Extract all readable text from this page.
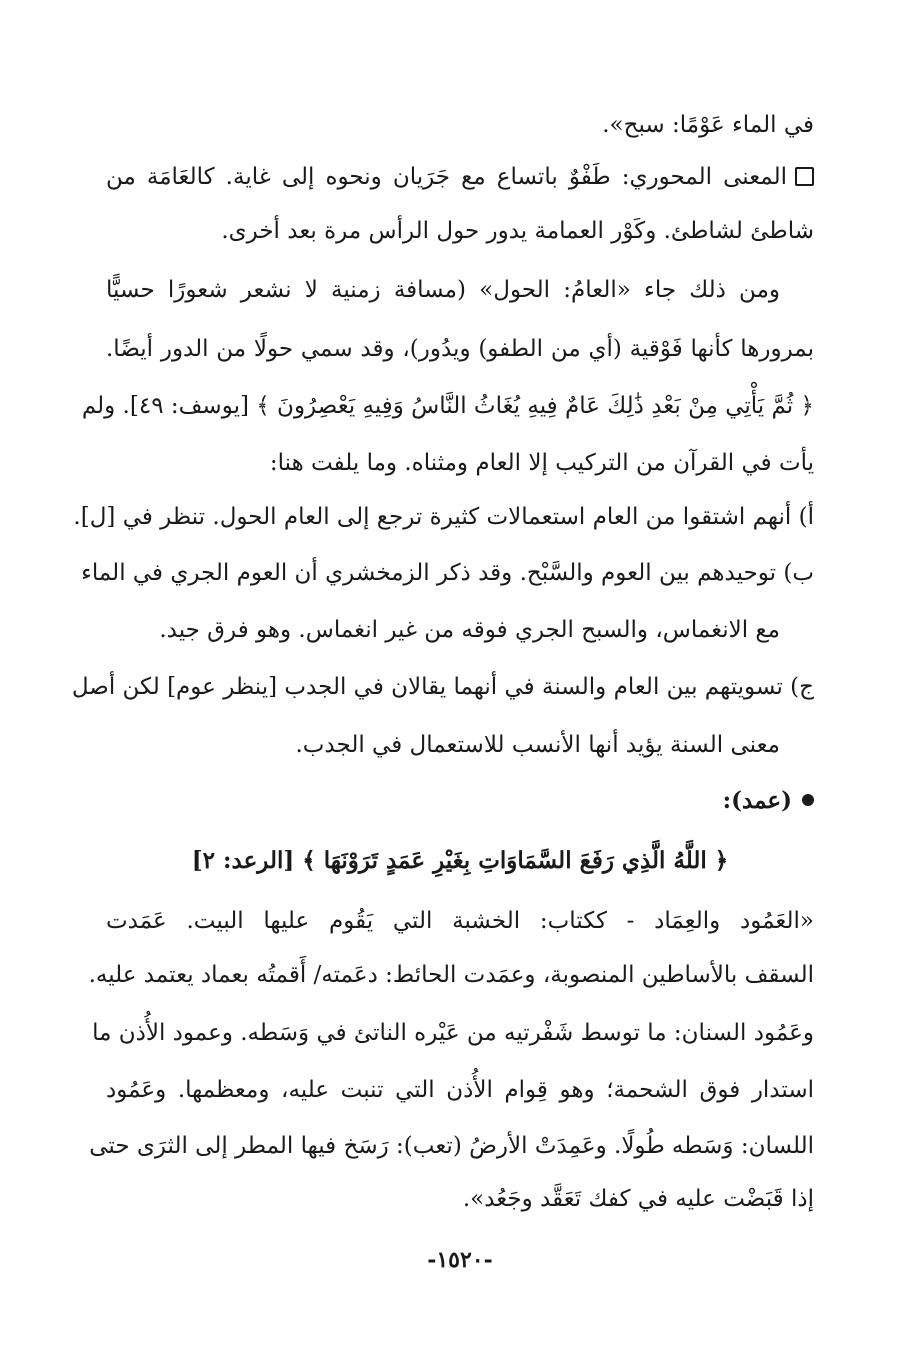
في الماء عَوْمًا: سبح».
المعنى المحوري: طَفْوٌ باتساع مع جَرَيان ونحوه إلى غاية. كالعَامَة من
شاطئ لشاطئ. وكَوْر العمامة يدور حول الرأس مرة بعد أخرى.
ومن ذلك جاء «العامُ: الحول» (مسافة زمنية لا نشعر شعورًا حسيًّا
بمرورها كأنها فَوْقية (أي من الطفو) ويدُور)، وقد سمي حولًا من الدور أيضًا.
﴿ ثُمَّ يَأْتِي مِنْ بَعْدِ ذَٰلِكَ عَامٌ فِيهِ يُغَاثُ النَّاسُ وَفِيهِ يَعْصِرُونَ ﴾ [يوسف: ٤٩]. ولم
يأت في القرآن من التركيب إلا العام ومثناه. وما يلفت هنا:
أ) أنهم اشتقوا من العام استعمالات كثيرة ترجع إلى العام الحول. تنظر في [ل].
ب) توحيدهم بين العوم والسَّبْح. وقد ذكر الزمخشري أن العوم الجري في الماء
مع الانغماس، والسبح الجري فوقه من غير انغماس. وهو فرق جيد.
ج) تسويتهم بين العام والسنة في أنهما يقالان في الجدب [ينظر عوم] لكن أصل
معنى السنة يؤيد أنها الأنسب للاستعمال في الجدب.
(عمد):
﴿ اللَّهُ الَّذِي رَفَعَ السَّمَاوَاتِ بِغَيْرِ عَمَدٍ تَرَوْنَهَا ﴾ [الرعد: ٢]
«العَمُود والعِمَاد - ككتاب: الخشبة التي يَقُوم عليها البيت. عَمَدت
السقف بالأساطين المنصوبة، وعمَدت الحائط: دعَمته/ أَقمتُه بعماد يعتمد عليه.
وعَمُود السنان: ما توسط شَفْرتيه من عَيْره الناتئ في وَسَطه. وعمود الأُذن ما
استدار فوق الشحمة؛ وهو قِوام الأُذن التي تنبت عليه، ومعظمها. وعَمُود
اللسان: وَسَطه طُولًا. وعَمِدَتْ الأرضُ (تعب): رَسَخ فيها المطر إلى الثرَى حتى
إذا قَبَضْت عليه في كفك تَعَقَّد وجَعُد».
-١٥٢٠-
